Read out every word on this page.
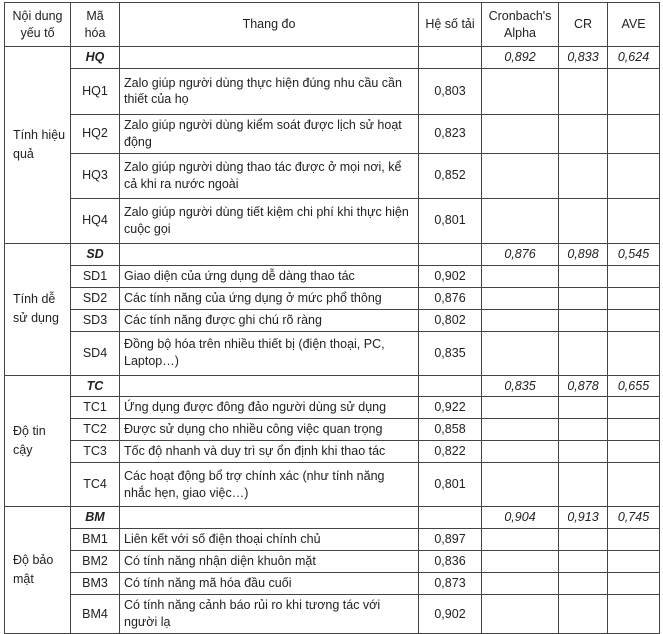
Nội dung yếu tố	Mã hóa	Thang đo	Hệ số tải	Cronbach's Alpha	CR	AVE
Tính hiệu quả	HQ			0,892	0,833	0,624
	HQ1	Zalo giúp người dùng thực hiện đúng nhu cầu cần thiết của họ	0,803			
	HQ2	Zalo giúp người dùng kiểm soát được lịch sử hoạt động	0,823			
	HQ3	Zalo giúp người dùng thao tác được ở mọi nơi, kể cả khi ra nước ngoài	0,852			
	HQ4	Zalo giúp người dùng tiết kiệm chi phí khi thực hiện cuộc gọi	0,801			
Tính dễ sử dụng	SD			0,876	0,898	0,545
	SD1	Giao diện của ứng dụng dễ dàng thao tác	0,902			
	SD2	Các tính năng của ứng dụng ở mức phổ thông	0,876			
	SD3	Các tính năng được ghi chú rõ ràng	0,802			
	SD4	Đồng bộ hóa trên nhiều thiết bị (điện thoại, PC, Laptop…)	0,835			
Độ tin cậy	TC			0,835	0,878	0,655
	TC1	Ứng dụng được đông đảo người dùng sử dụng	0,922			
	TC2	Được sử dụng cho nhiều công việc quan trọng	0,858			
	TC3	Tốc độ nhanh và duy trì sự ổn định khi thao tác	0,822			
	TC4	Các hoạt động bổ trợ chính xác (như tính năng nhắc hẹn, giao việc…)	0,801			
Độ bảo mật	BM			0,904	0,913	0,745
	BM1	Liên kết với số điện thoại chính chủ	0,897			
	BM2	Có tính năng nhận diện khuôn mặt	0,836			
	BM3	Có tính năng mã hóa đầu cuối	0,873			
	BM4	Có tính năng cảnh báo rủi ro khi tương tác với người lạ	0,902			
